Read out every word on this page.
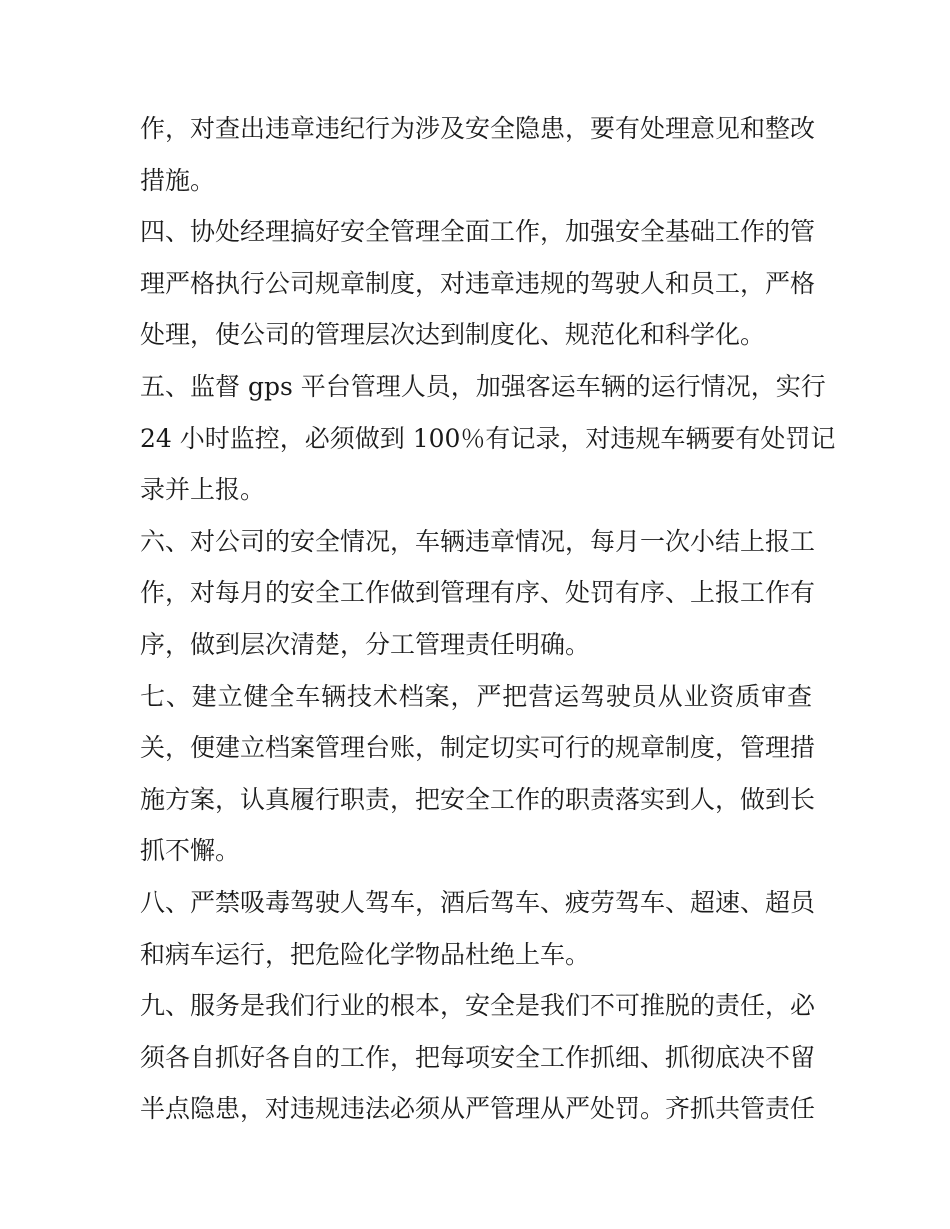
作，对查出违章违纪行为涉及安全隐患，要有处理意见和整改
措施。
四、协处经理搞好安全管理全面工作，加强安全基础工作的管
理严格执行公司规章制度，对违章违规的驾驶人和员工，严格
处理，使公司的管理层次达到制度化、规范化和科学化。
五、监督 gps 平台管理人员，加强客运车辆的运行情况，实行
24 小时监控，必须做到 100％有记录，对违规车辆要有处罚记
录并上报。
六、对公司的安全情况，车辆违章情况，每月一次小结上报工
作，对每月的安全工作做到管理有序、处罚有序、上报工作有
序，做到层次清楚，分工管理责任明确。
七、建立健全车辆技术档案，严把营运驾驶员从业资质审查
关，便建立档案管理台账，制定切实可行的规章制度，管理措
施方案，认真履行职责，把安全工作的职责落实到人，做到长
抓不懈。
八、严禁吸毒驾驶人驾车，酒后驾车、疲劳驾车、超速、超员
和病车运行，把危险化学物品杜绝上车。
九、服务是我们行业的根本，安全是我们不可推脱的责任，必
须各自抓好各自的工作，把每项安全工作抓细、抓彻底决不留
半点隐患，对违规违法必须从严管理从严处罚。齐抓共管责任
